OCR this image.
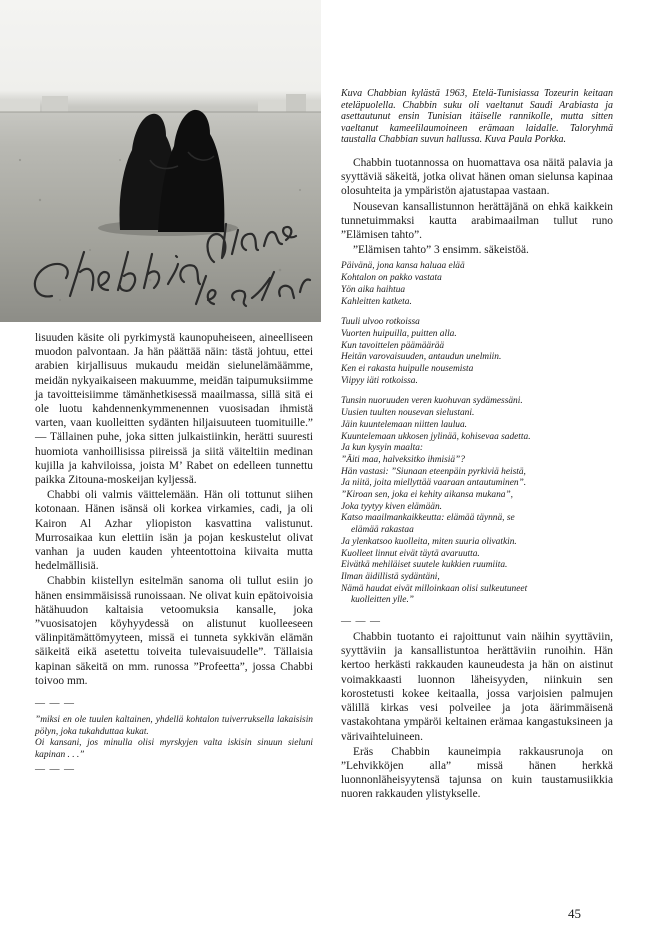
Kuva Chabbian kylästä 1963, Etelä-Tunisiassa Tozeurin keitaan eteläpuolella. Chabbin suku oli vaeltanut Saudi Arabiasta ja asettautunut ensin Tunisian itäiselle rannikolle, mutta sitten vaeltanut kameelilaumoineen erämaan laidalle. Taloryhmä taustalla Chabbian suvun hallussa. Kuva Paula Porkka.

Chabbin tuotannossa on huomattava osa näitä palavia ja syyttäviä säkeitä, jotka olivat hänen oman sielunsa kapinaa olosuhteita ja ympäristön ajatustapaa vastaan.

Nousevan kansallistunnon herättäjänä on ehkä kaikkein tunnetuimmaksi kautta arabimaailman tullut runo ”Elämisen tahto”.

”Elämisen tahto” 3 ensimm. säkeistöä.

Päivänä, jona kansa haluaa elää
Kohtalon on pakko vastata
Yön aika haihtua
Kahleitten katketa.
Tuuli ulvoo rotkoissa
Vuorten huipuilla, puitten alla.
Kun tavoittelen päämäärää
Heitän varovaisuuden, antaudun unelmiin.
Ken ei rakasta huipulle nousemista
Viipyy iäti rotkoissa.
Tunsin nuoruuden veren kuohuvan sydämessäni.
Uusien tuulten nousevan sielustani.
Jäin kuuntelemaan niitten laulua.
Kuuntelemaan ukkosen jylinää, kohisevaa sadetta.
Ja kun kysyin maalta:
”Äiti maa, halveksitko ihmisiä”?
Hän vastasi: ”Siunaan eteenpäin pyrkiviä heistä,
Ja niitä, joita miellyttää vaaraan antautuminen”.
”Kiroan sen, joka ei kehity aikansa mukana”,
Joka tyytyy kiven elämään.
Katso maailmankaikkeutta: elämää täynnä, se
elämää rakastaa
Ja ylenkatsoo kuolleita, miten suuria olivatkin.
Kuolleet linnut eivät täytä avaruutta.
Eivätkä mehiläiset suutele kukkien ruumiita.
Ilman äidillistä sydäntäni,
Nämä haudat eivät milloinkaan olisi sulkeutuneet
kuolleitten ylle.”
— — —

Chabbin tuotanto ei rajoittunut vain näihin syyttäviin, syyttäviin ja kansallistuntoa herättäviin runoihin. Hän kertoo herkästi rakkauden kauneudesta ja hän on aistinut voimakkaasti luonnon läheisyyden, niinkuin sen korostetusti kokee keitaalla, jossa varjoisien palmujen välillä kirkas vesi polveilee ja jota äärimmäisenä vastakohtana ympäröi keltainen erämaa kangastuksineen ja värivaihteluineen.

Eräs Chabbin kauneimpia rakkausrunoja on ”Lehvikköjen alla” missä hänen herkkä luonnonläheisyytensä tajunsa on kuin taustamusiikkia nuoren rakkauden ylistykselle.

lisuuden käsite oli pyrkimystä kaunopuheiseen, aineelliseen muodon palvontaan. Ja hän päättää näin: tästä johtuu, ettei arabien kirjallisuus mukaudu meidän sielunelämäämme, meidän nykyaikaiseen makuumme, meidän taipumuksiimme ja tavoitteisiimme tämänhetkisessä maailmassa, sillä sitä ei ole luotu kahdennenkymmenennen vuosisadan ihmistä varten, vaan kuolleitten sydänten hiljaisuuteen tuomituille.” — Tällainen puhe, joka sitten julkaistiinkin, herätti suuresti huomiota vanhoillisissa piireissä ja siitä väiteltiin medinan kujilla ja kahviloissa, joista M’ Rabet on edelleen tunnettu paikka Zitouna-moskeijan kyljessä.

Chabbi oli valmis väittelemään. Hän oli tottunut siihen kotonaan. Hänen isänsä oli korkea virkamies, cadi, ja oli Kairon Al Azhar yliopiston kasvattina valistunut. Murrosaikaa kun elettiin isän ja pojan keskustelut olivat vanhan ja uuden kauden yhteentottoina kiivaita mutta hedelmällisiä.

Chabbin kiistellyn esitelmän sanoma oli tullut esiin jo hänen ensimmäisissä runoissaan. Ne olivat kuin epätoivoisia hätähuudon kaltaisia vetoomuksia kansalle, joka ”vuosisatojen köyhyydessä on alistunut kuolleeseen välinpitämättömyyteen, missä ei tunneta sykkivän elämän säikeitä eikä asetettu toiveita tulevaisuudelle”. Tällaisia kapinan säkeitä on mm. runossa ”Profeetta”, jossa Chabbi toivoo mm.

— — —
”miksi en ole tuulen kaltainen, yhdellä kohtalon tuiverruksella lakaisisin pölyn, joka tukahduttaa kukat.
Oi kansani, jos minulla olisi myrskyjen valta iskisin sinuun sieluni kapinan . . .”
— — —
45
